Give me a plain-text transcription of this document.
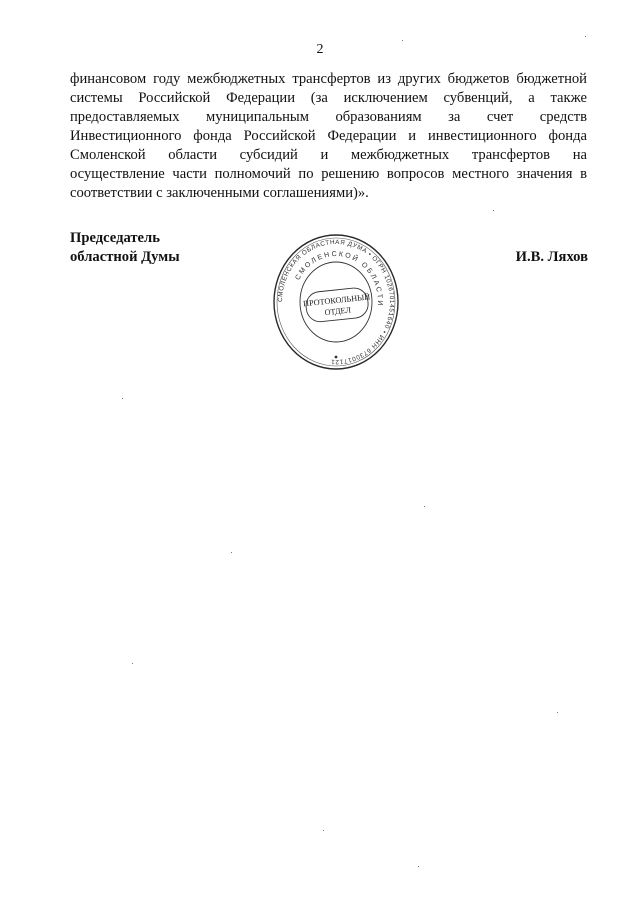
2
финансовом году межбюджетных трансфертов из других бюджетов бюджетной
системы Российской Федерации (за исключением субвенций, а также
предоставляемых муниципальным образованиям за счет средств
Инвестиционного фонда Российской Федерации и инвестиционного фонда
Смоленской области субсидий и межбюджетных трансфертов на
осуществление части полномочий по решению вопросов местного значения в
соответствии с заключенными соглашениями)».
Председатель
областной Думы	И.В. Ляхов
СМОЛЕНСКАЯ ОБЛАСТНАЯ ДУМА • ОГРН 1026701451640 • ИНН 6730017121
СМОЛЕНСКОЙ ОБЛАСТИ
ПРОТОКОЛЬНЫЙ
ОТДЕЛ
